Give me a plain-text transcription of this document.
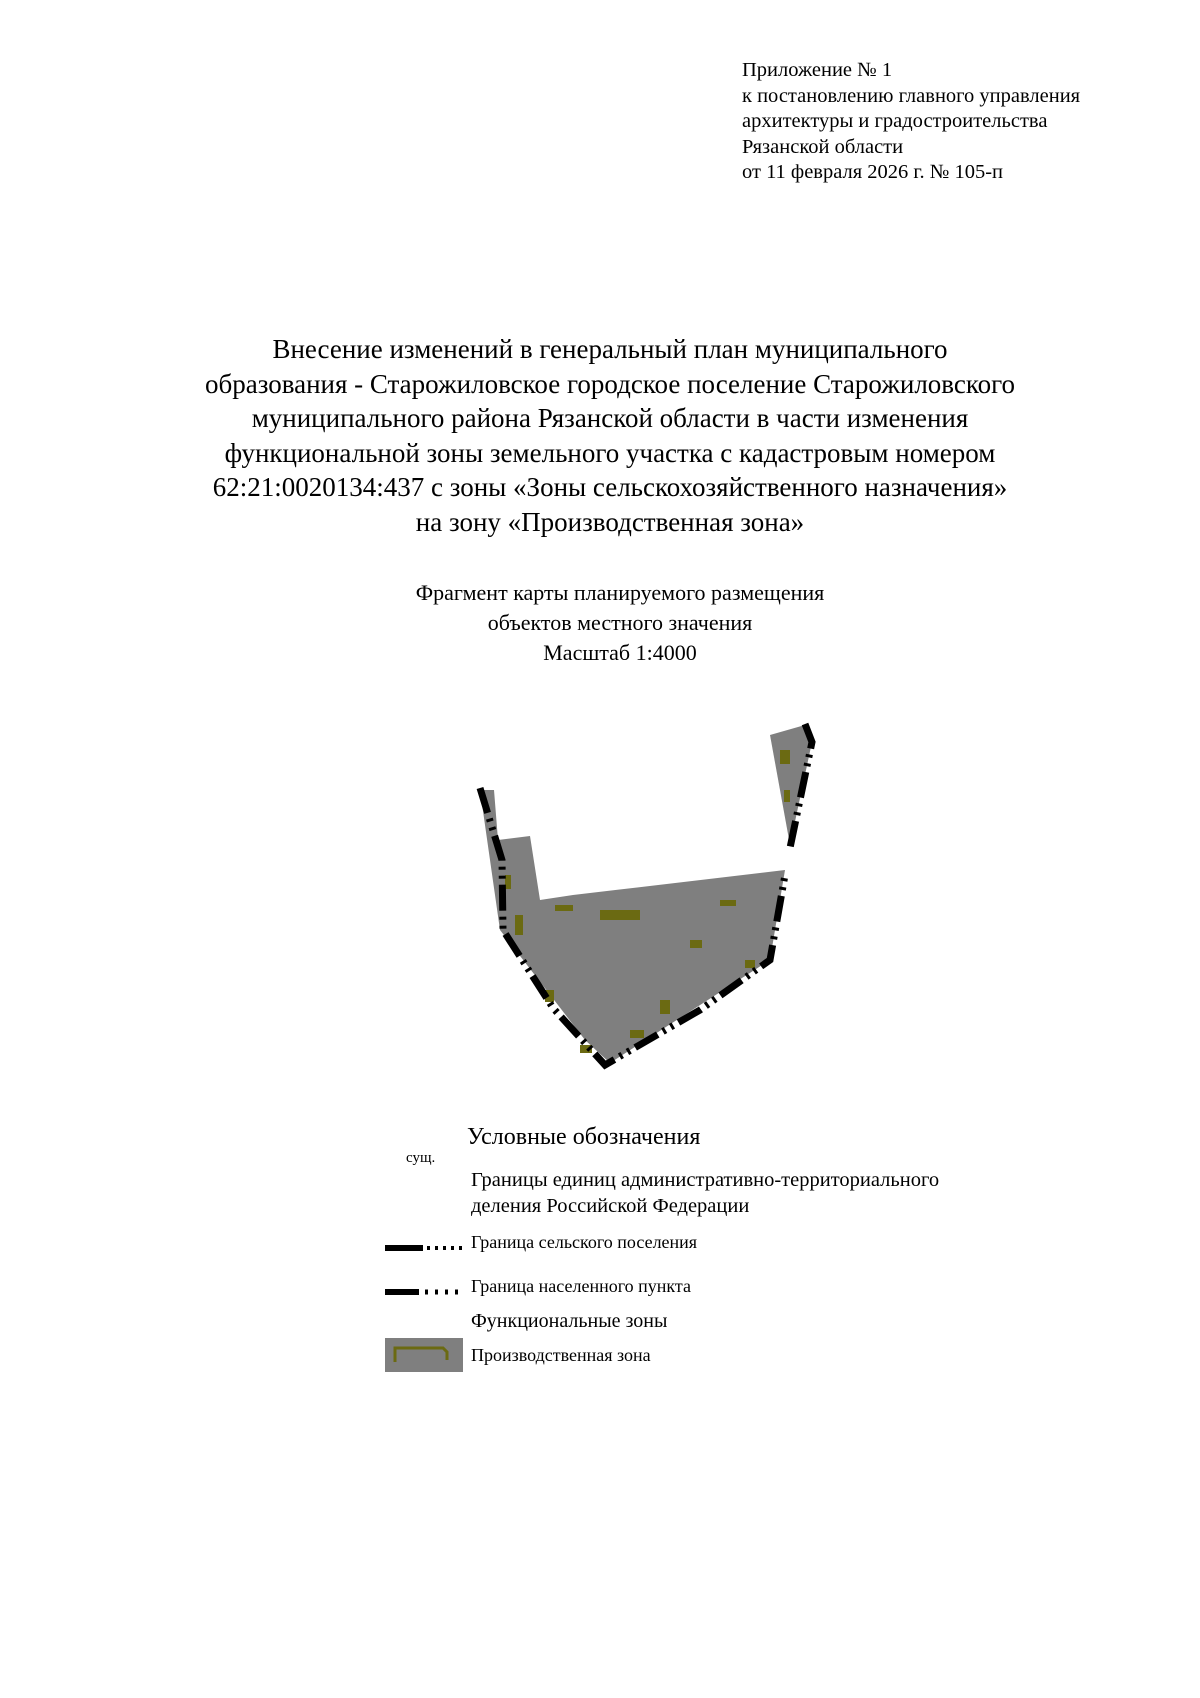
Приложение № 1
к постановлению главного управления
архитектуры и градостроительства
Рязанской области
от 11 февраля 2026 г. № 105-п
Внесение изменений в генеральный план муниципального
образования - Старожиловское городское поселение Старожиловского
муниципального района Рязанской области в части изменения
функциональной зоны земельного участка с кадастровым номером
62:21:0020134:437 с зоны «Зоны сельскохозяйственного назначения»
на зону «Производственная зона»
Фрагмент карты планируемого размещения
объектов местного значения
Масштаб 1:4000
Условные обозначения
сущ.
Границы единиц административно-территориального
деления Российской Федерации
Граница сельского поселения
Граница населенного пункта
Функциональные зоны
Производственная зона
